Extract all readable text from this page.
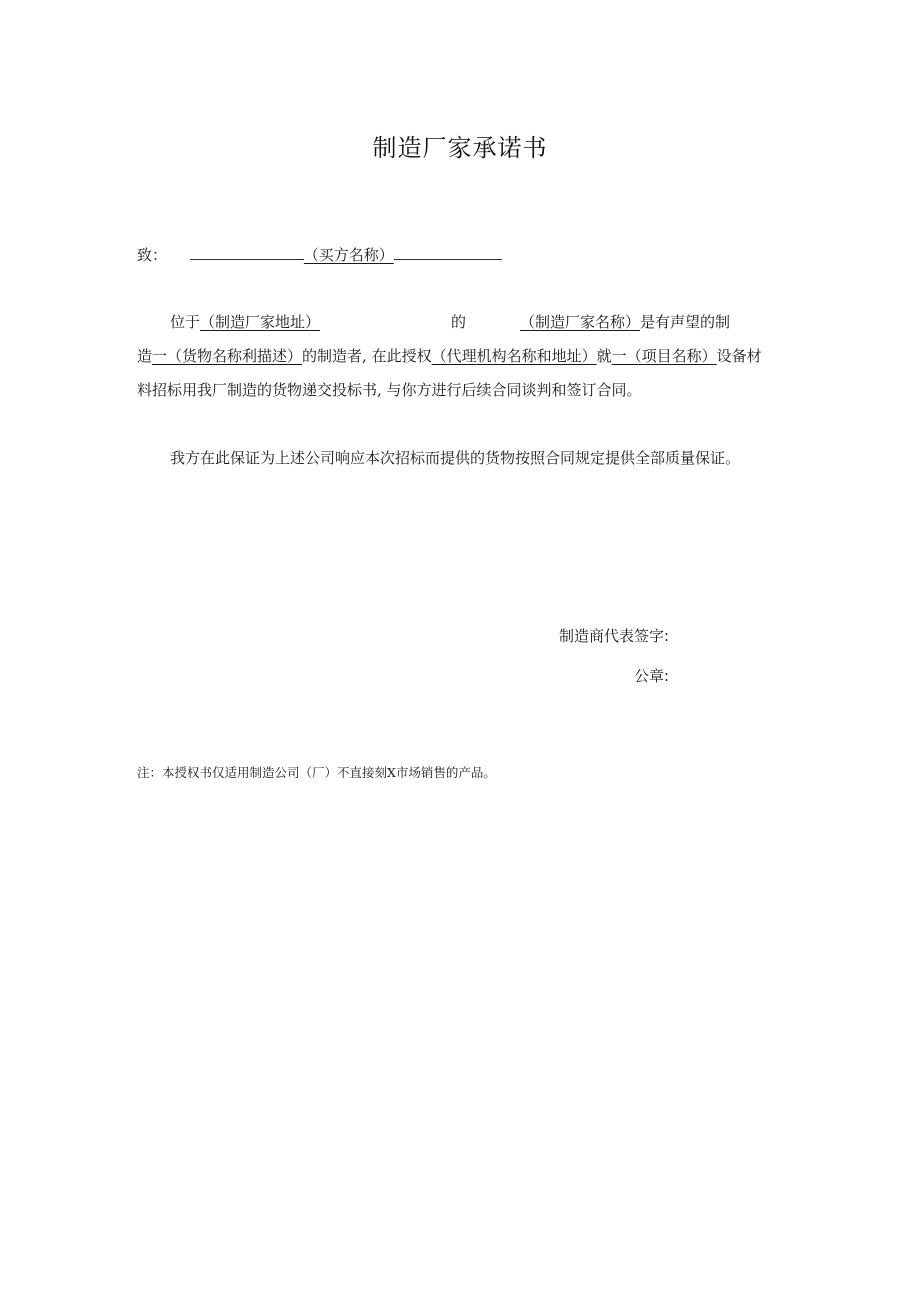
制造厂家承诺书
致：	（买方名称）
位于（制造厂家地址）	的	（制造厂家名称）是有声望的制
造一（货物名称利描述）的制造者, 在此授权（代理机构名称和地址）就一（项目名称）设备材
料招标用我厂制造的货物递交投标书, 与你方进行后续合同谈判和签订合同。
我方在此保证为上述公司响应本次招标而提供的货物按照合同规定提供全部质量保证。
制造商代表签字:
公章:
注：本授权书仅适用制造公司（厂）不直接刻X市场销售的产品。
